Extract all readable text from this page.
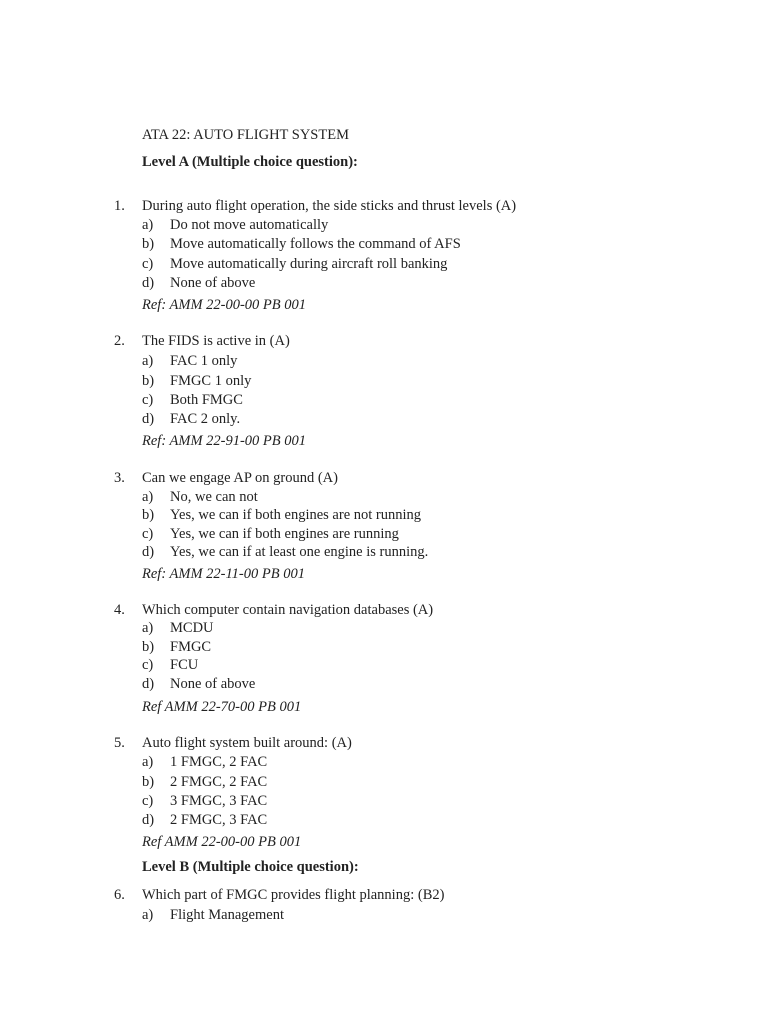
ATA 22: AUTO FLIGHT SYSTEM
Level A (Multiple choice question):
1. During auto flight operation, the side sticks and thrust levels (A)
a) Do not move automatically
b) Move automatically follows the command of AFS
c) Move automatically during aircraft roll banking
d) None of above
Ref: AMM 22-00-00 PB 001
2. The FIDS is active in (A)
a) FAC 1 only
b) FMGC 1 only
c) Both FMGC
d) FAC 2 only.
Ref: AMM 22-91-00 PB 001
3. Can we engage AP on ground (A)
a) No, we can not
b) Yes, we can if both engines are not running
c) Yes, we can if both engines are running
d) Yes, we can if at least one engine is running.
Ref: AMM 22-11-00 PB 001
4. Which computer contain navigation databases (A)
a) MCDU
b) FMGC
c) FCU
d) None of above
Ref AMM 22-70-00 PB 001
5. Auto flight system built around: (A)
a) 1 FMGC, 2 FAC
b) 2 FMGC, 2 FAC
c) 3 FMGC, 3 FAC
d) 2 FMGC, 3 FAC
Ref AMM 22-00-00 PB 001
Level B (Multiple choice question):
6. Which part of FMGC provides flight planning: (B2)
a) Flight Management
